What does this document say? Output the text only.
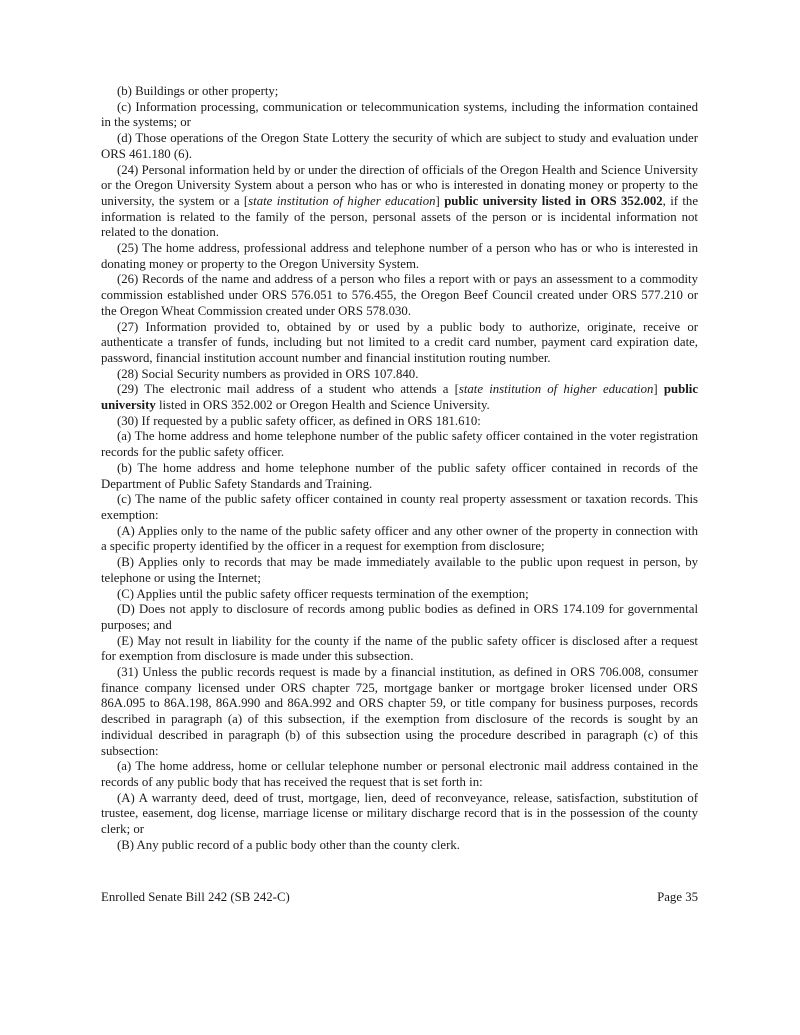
(b) Buildings or other property;

(c) Information processing, communication or telecommunication systems, including the information contained in the systems; or

(d) Those operations of the Oregon State Lottery the security of which are subject to study and evaluation under ORS 461.180 (6).

(24) Personal information held by or under the direction of officials of the Oregon Health and Science University or the Oregon University System about a person who has or who is interested in donating money or property to the university, the system or a [state institution of higher education] public university listed in ORS 352.002, if the information is related to the family of the person, personal assets of the person or is incidental information not related to the donation.

(25) The home address, professional address and telephone number of a person who has or who is interested in donating money or property to the Oregon University System.

(26) Records of the name and address of a person who files a report with or pays an assessment to a commodity commission established under ORS 576.051 to 576.455, the Oregon Beef Council created under ORS 577.210 or the Oregon Wheat Commission created under ORS 578.030.

(27) Information provided to, obtained by or used by a public body to authorize, originate, receive or authenticate a transfer of funds, including but not limited to a credit card number, payment card expiration date, password, financial institution account number and financial institution routing number.

(28) Social Security numbers as provided in ORS 107.840.

(29) The electronic mail address of a student who attends a [state institution of higher education] public university listed in ORS 352.002 or Oregon Health and Science University.

(30) If requested by a public safety officer, as defined in ORS 181.610:

(a) The home address and home telephone number of the public safety officer contained in the voter registration records for the public safety officer.

(b) The home address and home telephone number of the public safety officer contained in records of the Department of Public Safety Standards and Training.

(c) The name of the public safety officer contained in county real property assessment or taxation records. This exemption:

(A) Applies only to the name of the public safety officer and any other owner of the property in connection with a specific property identified by the officer in a request for exemption from disclosure;

(B) Applies only to records that may be made immediately available to the public upon request in person, by telephone or using the Internet;

(C) Applies until the public safety officer requests termination of the exemption;

(D) Does not apply to disclosure of records among public bodies as defined in ORS 174.109 for governmental purposes; and

(E) May not result in liability for the county if the name of the public safety officer is disclosed after a request for exemption from disclosure is made under this subsection.

(31) Unless the public records request is made by a financial institution, as defined in ORS 706.008, consumer finance company licensed under ORS chapter 725, mortgage banker or mortgage broker licensed under ORS 86A.095 to 86A.198, 86A.990 and 86A.992 and ORS chapter 59, or title company for business purposes, records described in paragraph (a) of this subsection, if the exemption from disclosure of the records is sought by an individual described in paragraph (b) of this subsection using the procedure described in paragraph (c) of this subsection:

(a) The home address, home or cellular telephone number or personal electronic mail address contained in the records of any public body that has received the request that is set forth in:

(A) A warranty deed, deed of trust, mortgage, lien, deed of reconveyance, release, satisfaction, substitution of trustee, easement, dog license, marriage license or military discharge record that is in the possession of the county clerk; or

(B) Any public record of a public body other than the county clerk.

Enrolled Senate Bill 242 (SB 242-C)	Page 35
